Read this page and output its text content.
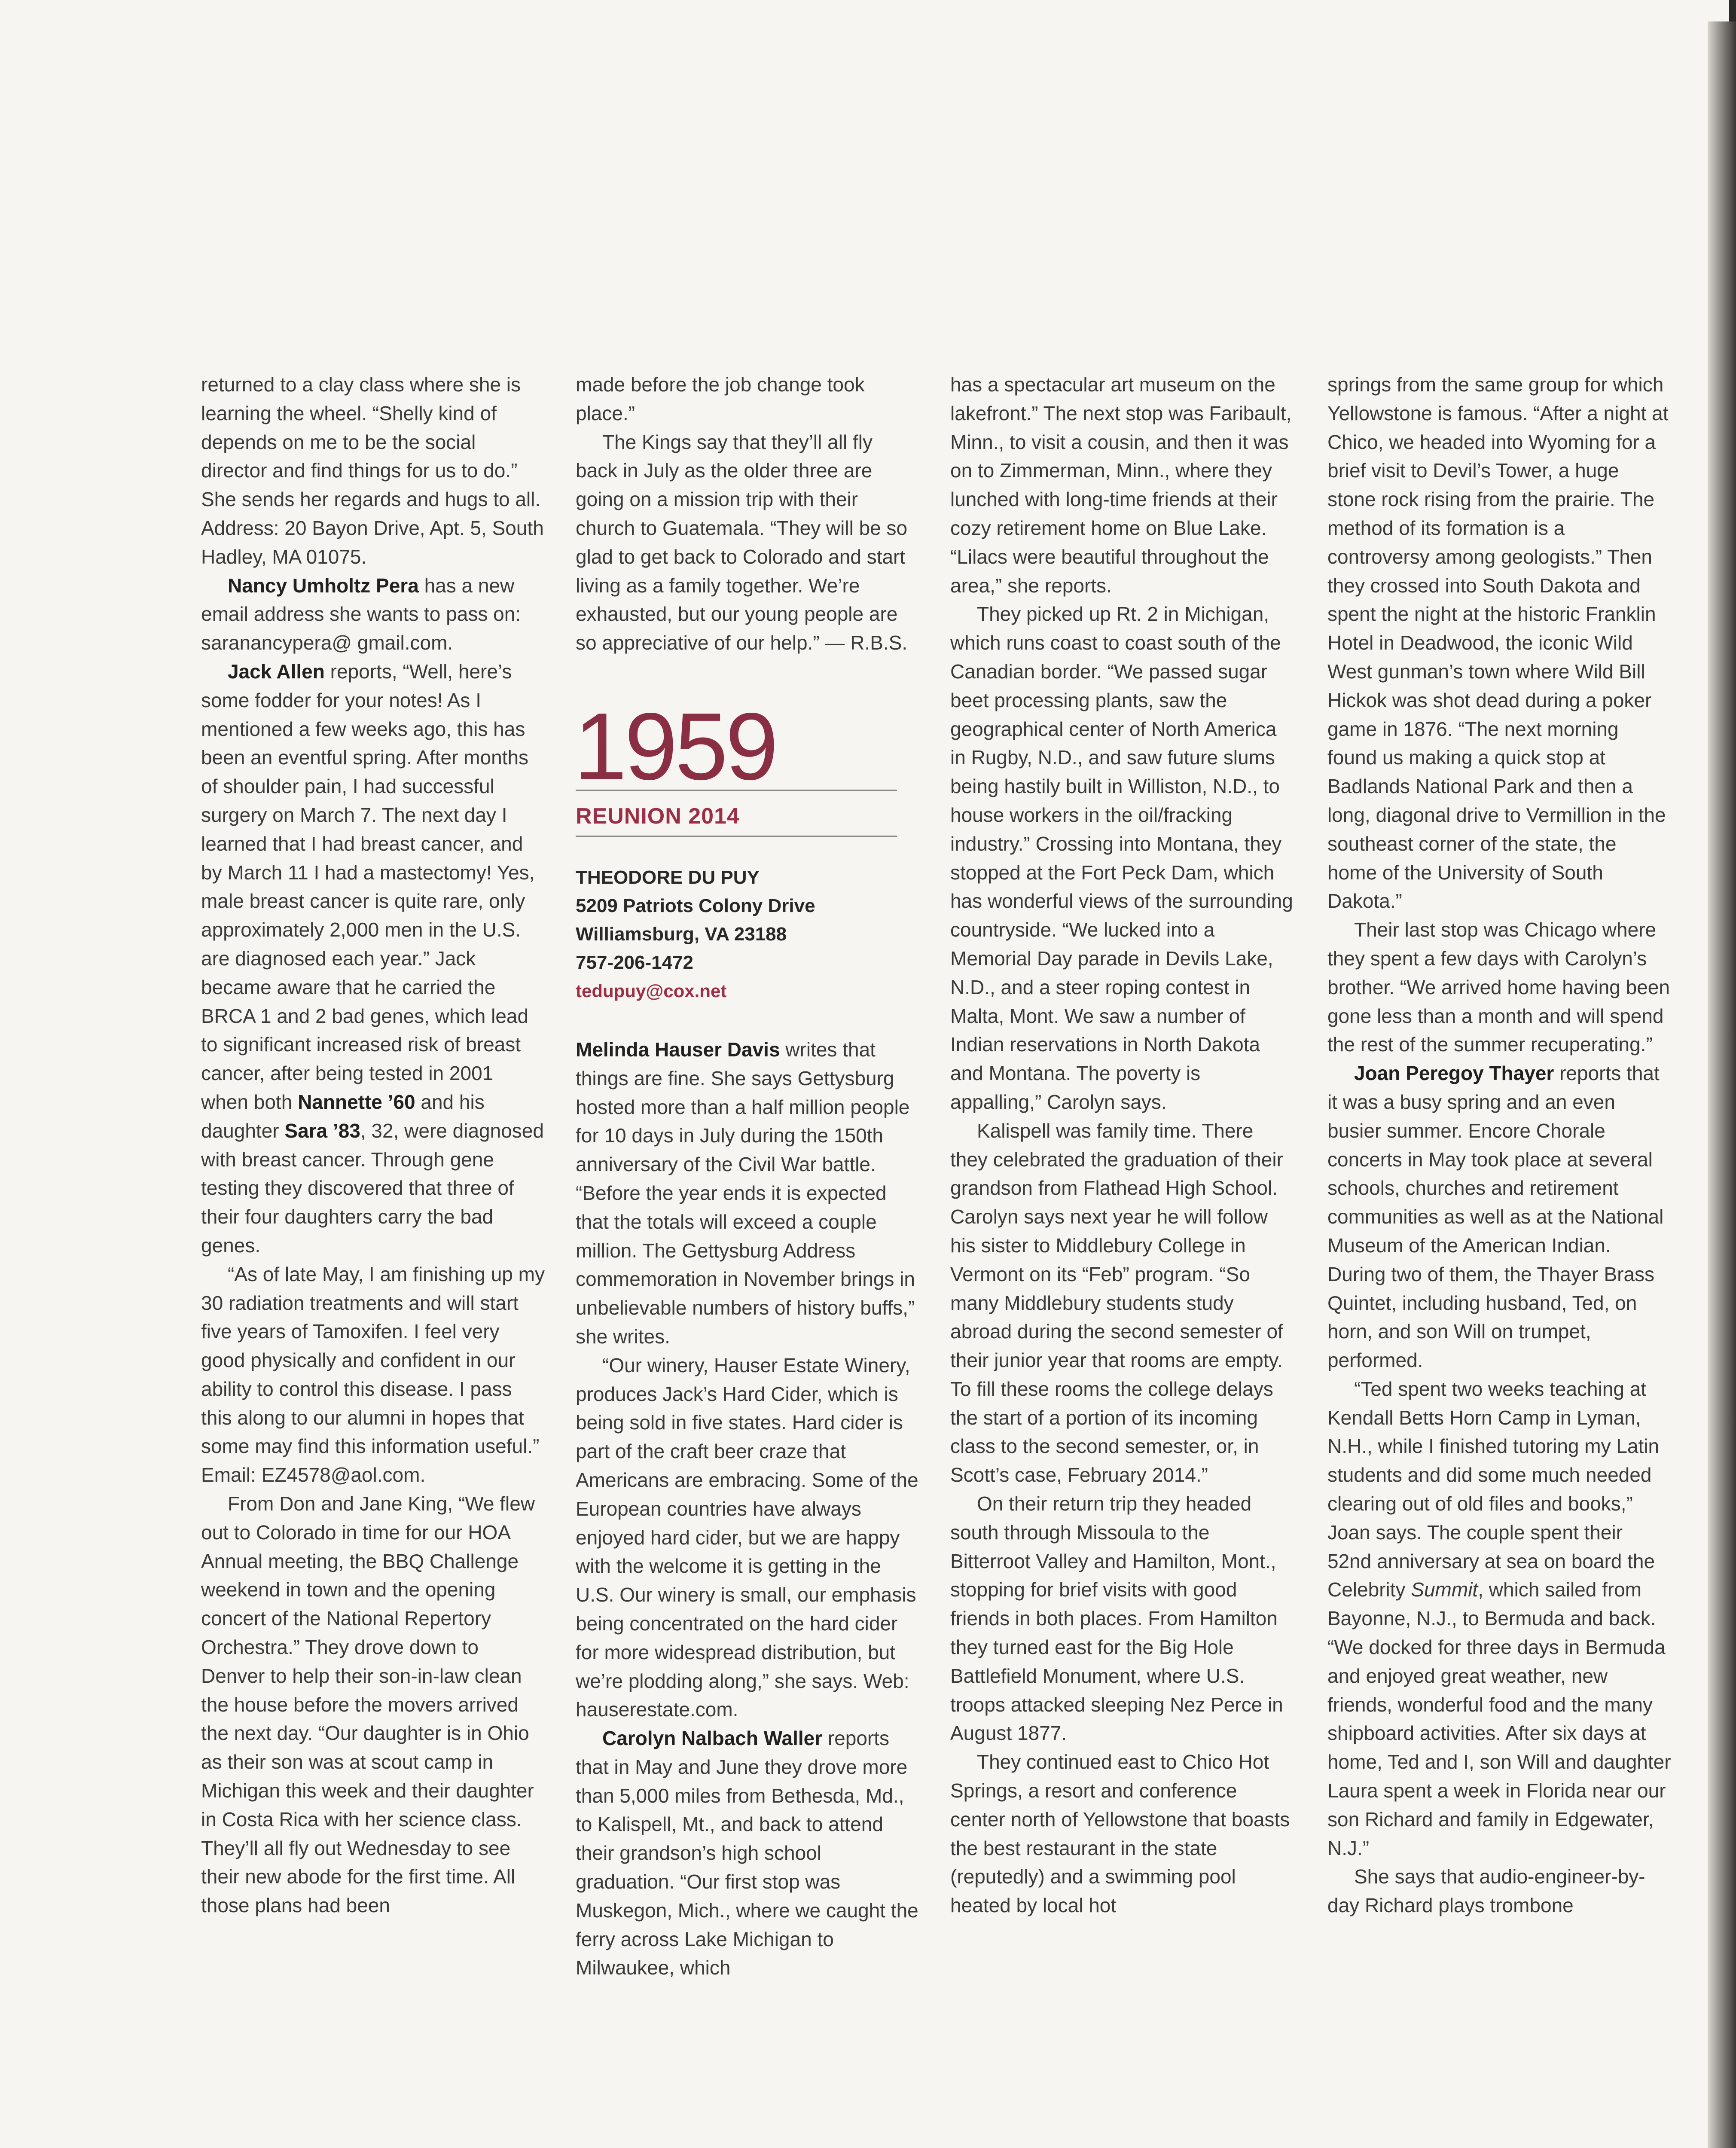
returned to a clay class where she is learning the wheel. “Shelly kind of depends on me to be the social director and find things for us to do.” She sends her regards and hugs to all. Address: 20 Bayon Drive, Apt. 5, South Hadley, MA 01075.

Nancy Umholtz Pera has a new email address she wants to pass on: saranancypera@ gmail.com.

Jack Allen reports, “Well, here’s some fodder for your notes! As I mentioned a few weeks ago, this has been an eventful spring. After months of shoulder pain, I had successful surgery on March 7. The next day I learned that I had breast cancer, and by March 11 I had a mastectomy! Yes, male breast cancer is quite rare, only approximately 2,000 men in the U.S. are diagnosed each year.” Jack became aware that he carried the BRCA 1 and 2 bad genes, which lead to significant increased risk of breast cancer, after being tested in 2001 when both Nannette ’60 and his daughter Sara ’83, 32, were diagnosed with breast cancer. Through gene testing they discovered that three of their four daughters carry the bad genes.

“As of late May, I am finishing up my 30 radiation treatments and will start five years of Tamoxifen. I feel very good physically and confident in our ability to control this disease. I pass this along to our alumni in hopes that some may find this information useful.” Email: EZ4578@aol.com.

From Don and Jane King, “We flew out to Colorado in time for our HOA Annual meeting, the BBQ Challenge weekend in town and the opening concert of the National Repertory Orchestra.” They drove down to Denver to help their son-in-law clean the house before the movers arrived the next day. “Our daughter is in Ohio as their son was at scout camp in Michigan this week and their daughter in Costa Rica with her science class. They’ll all fly out Wednesday to see their new abode for the first time. All those plans had been

made before the job change took place.”

The Kings say that they’ll all fly back in July as the older three are going on a mission trip with their church to Guatemala. “They will be so glad to get back to Colorado and start living as a family together. We’re exhausted, but our young people are so appreciative of our help.” — R.B.S.

1959
REUNION 2014
THEODORE DU PUY
5209 Patriots Colony Drive
Williamsburg, VA 23188
757-206-1472
tedupuy@cox.net

Melinda Hauser Davis writes that things are fine. She says Gettysburg hosted more than a half million people for 10 days in July during the 150th anniversary of the Civil War battle. “Before the year ends it is expected that the totals will exceed a couple million. The Gettysburg Address commemoration in November brings in unbelievable numbers of history buffs,” she writes.

“Our winery, Hauser Estate Winery, produces Jack’s Hard Cider, which is being sold in five states. Hard cider is part of the craft beer craze that Americans are embracing. Some of the European countries have always enjoyed hard cider, but we are happy with the welcome it is getting in the U.S. Our winery is small, our emphasis being concentrated on the hard cider for more widespread distribution, but we’re plodding along,” she says. Web: hauserestate.com.

Carolyn Nalbach Waller reports that in May and June they drove more than 5,000 miles from Bethesda, Md., to Kalispell, Mt., and back to attend their grandson’s high school graduation. “Our first stop was Muskegon, Mich., where we caught the ferry across Lake Michigan to Milwaukee, which

has a spectacular art museum on the lakefront.” The next stop was Faribault, Minn., to visit a cousin, and then it was on to Zimmerman, Minn., where they lunched with long-time friends at their cozy retirement home on Blue Lake. “Lilacs were beautiful throughout the area,” she reports.

They picked up Rt. 2 in Michigan, which runs coast to coast south of the Canadian border. “We passed sugar beet processing plants, saw the geographical center of North America in Rugby, N.D., and saw future slums being hastily built in Williston, N.D., to house workers in the oil/fracking industry.” Crossing into Montana, they stopped at the Fort Peck Dam, which has wonderful views of the surrounding countryside. “We lucked into a Memorial Day parade in Devils Lake, N.D., and a steer roping contest in Malta, Mont. We saw a number of Indian reservations in North Dakota and Montana. The poverty is appalling,” Carolyn says.

Kalispell was family time. There they celebrated the graduation of their grandson from Flathead High School. Carolyn says next year he will follow his sister to Middlebury College in Vermont on its “Feb” program. “So many Middlebury students study abroad during the second semester of their junior year that rooms are empty. To fill these rooms the college delays the start of a portion of its incoming class to the second semester, or, in Scott’s case, February 2014.”

On their return trip they headed south through Missoula to the Bitterroot Valley and Hamilton, Mont., stopping for brief visits with good friends in both places. From Hamilton they turned east for the Big Hole Battlefield Monument, where U.S. troops attacked sleeping Nez Perce in August 1877.

They continued east to Chico Hot Springs, a resort and conference center north of Yellowstone that boasts the best restaurant in the state (reputedly) and a swimming pool heated by local hot

springs from the same group for which Yellowstone is famous. “After a night at Chico, we headed into Wyoming for a brief visit to Devil’s Tower, a huge stone rock rising from the prairie. The method of its formation is a controversy among geologists.” Then they crossed into South Dakota and spent the night at the historic Franklin Hotel in Deadwood, the iconic Wild West gunman’s town where Wild Bill Hickok was shot dead during a poker game in 1876. “The next morning found us making a quick stop at Badlands National Park and then a long, diagonal drive to Vermillion in the southeast corner of the state, the home of the University of South Dakota.”

Their last stop was Chicago where they spent a few days with Carolyn’s brother. “We arrived home having been gone less than a month and will spend the rest of the summer recuperating.”

Joan Peregoy Thayer reports that it was a busy spring and an even busier summer. Encore Chorale concerts in May took place at several schools, churches and retirement communities as well as at the National Museum of the American Indian. During two of them, the Thayer Brass Quintet, including husband, Ted, on horn, and son Will on trumpet, performed.

“Ted spent two weeks teaching at Kendall Betts Horn Camp in Lyman, N.H., while I finished tutoring my Latin students and did some much needed clearing out of old files and books,” Joan says. The couple spent their 52nd anniversary at sea on board the Celebrity Summit, which sailed from Bayonne, N.J., to Bermuda and back. “We docked for three days in Bermuda and enjoyed great weather, new friends, wonderful food and the many shipboard activities. After six days at home, Ted and I, son Will and daughter Laura spent a week in Florida near our son Richard and family in Edgewater, N.J.”

She says that audio-engineer-by-day Richard plays trombone
